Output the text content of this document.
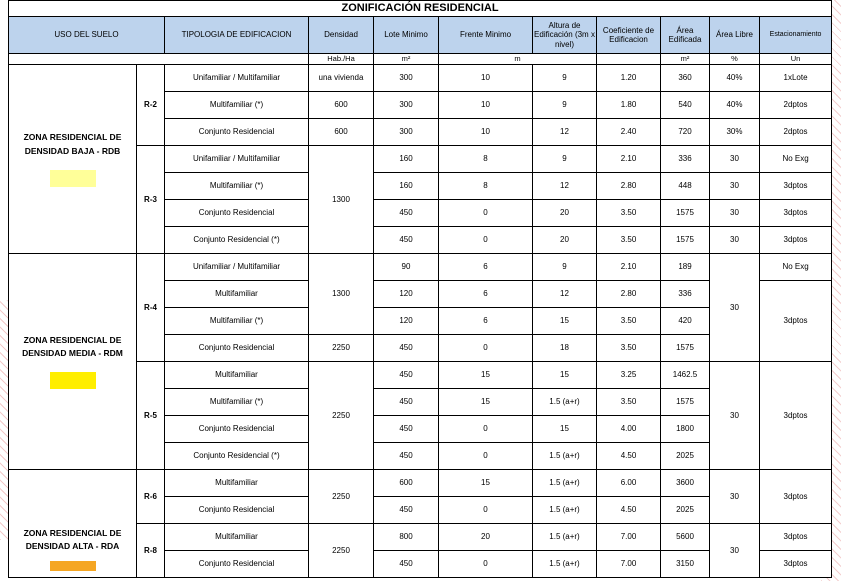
ZONIFICACIÓN RESIDENCIAL										
USO DEL SUELO		TIPOLOGIA DE EDIFICACION	Densidad	Lote Minimo	Frente Minimo	Altura de Edificación (3m x nivel)	Coeficiente de Edificacion	Área Edificada	Área Libre	Estacionamiento
			Hab./Ha	m²	m			m²	%	Un

ZONA RESIDENCIAL DE DENSIDAD BAJA - RDB	R-2	Unifamiliar / Multifamiliar	una vivienda	300	10	9	1.20	360	40%	1xLote
		Multifamiliar (*)	600	300	10	9	1.80	540	40%	2dptos
		Conjunto Residencial	600	300	10	12	2.40	720	30%	2dptos
	R-3	Unifamiliar / Multifamiliar	1300	160	8	9	2.10	336	30	No Exg
		Multifamiliar (*)		160	8	12	2.80	448	30	3dptos
		Conjunto Residencial		450	0	20	3.50	1575	30	3dptos
		Conjunto Residencial (*)		450	0	20	3.50	1575	30	3dptos

ZONA RESIDENCIAL DE DENSIDAD MEDIA - RDM	R-4	Unifamiliar / Multifamiliar	1300	90	6	9	2.10	189	30	No Exg
		Multifamiliar		120	6	12	2.80	336		3dptos
		Multifamiliar (*)		120	6	15	3.50	420		
		Conjunto Residencial	2250	450	0	18	3.50	1575		
	R-5	Multifamiliar	2250	450	15	15	3.25	1462.5	30	3dptos
		Multifamiliar (*)		450	15	1.5 (a+r)	3.50	1575		
		Conjunto Residencial		450	0	15	4.00	1800		
		Conjunto Residencial (*)		450	0	1.5 (a+r)	4.50	2025		

ZONA RESIDENCIAL DE DENSIDAD ALTA - RDA	R-6	Multifamiliar	2250	600	15	1.5 (a+r)	6.00	3600	30	3dptos
		Conjunto Residencial		450	0	1.5 (a+r)	4.50	2025		
	R-8	Multifamiliar	2250	800	20	1.5 (a+r)	7.00	5600	30	3dptos
		Conjunto Residencial		450	0	1.5 (a+r)	7.00	3150		3dptos
